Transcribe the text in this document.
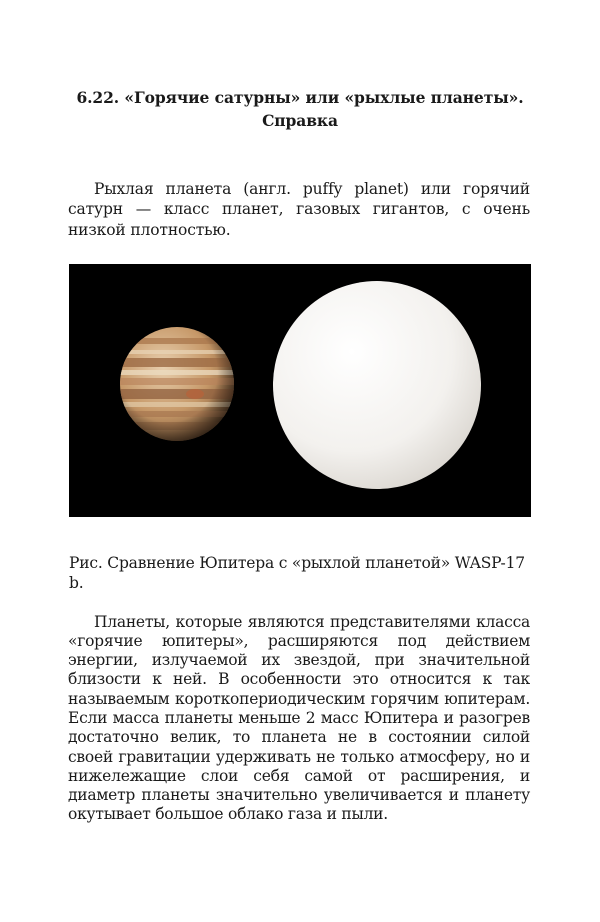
6.22. «Горячие сатурны» или «рыхлые планеты».
Справка

Рыхлая планета (англ. puffy planet) или горячий сатурн — класс планет, газовых гигантов, с очень низкой плотностью.

Рис. Сравнение Юпитера с «рыхлой планетой» WASP-17 b.

Планеты, которые являются представителями класса «горячие юпитеры», расширяются под действием энергии, излучаемой их звездой, при значительной близости к ней. В особенности это относится к так называемым короткопериодическим горячим юпитерам. Если масса планеты меньше 2 масс Юпитера и разогрев достаточно велик, то планета не в состоянии силой своей гравитации удерживать не только атмосферу, но и нижележащие слои себя самой от расширения, и диаметр планеты значительно увеличивается и планету окутывает большое облако газа и пыли.
